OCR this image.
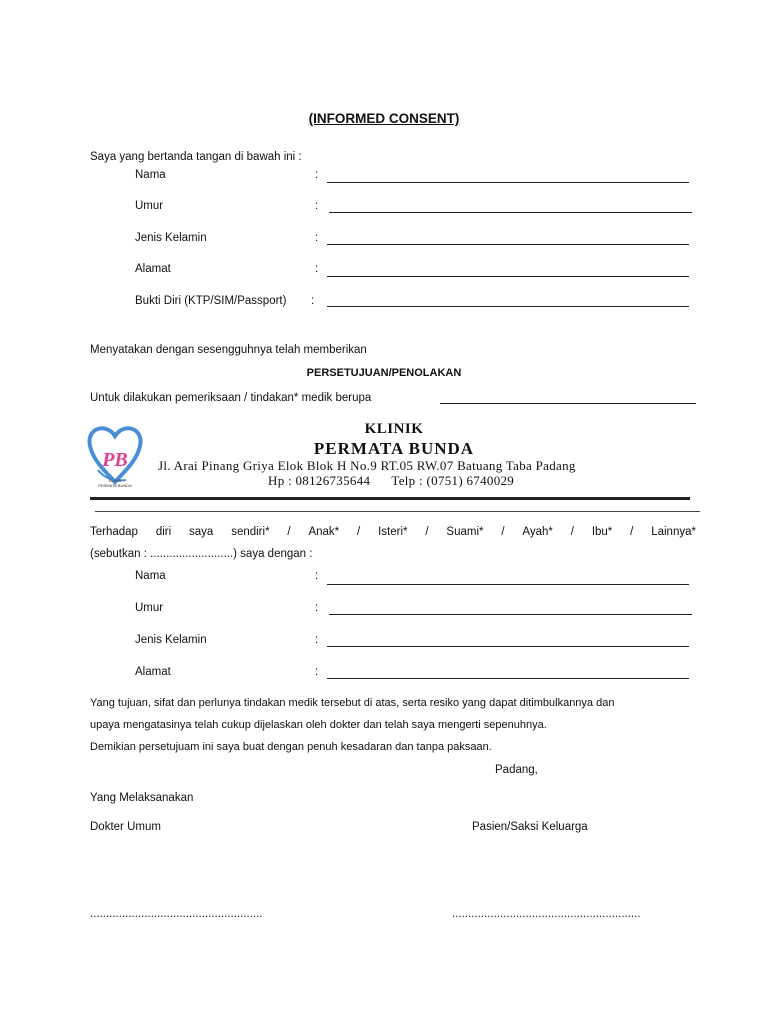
(INFORMED CONSENT)
Saya yang bertanda tangan di bawah ini :
Nama	:
Umur	:
Jenis Kelamin	:
Alamat	:
Bukti Diri (KTP/SIM/Passport) :
Menyatakan dengan sesengguhnya telah memberikan
PERSETUJUAN/PENOLAKAN
Untuk dilakukan pemeriksaan / tindakan* medik berupa
PB
KLINIK
PERMATA BUNDA
KLINIK
PERMATA BUNDA
Jl. Arai Pinang Griya Elok Blok H No.9 RT.05 RW.07 Batuang Taba Padang
Hp : 08126735644      Telp : (0751) 6740029
Terhadap diri saya sendiri* / Anak* / Isteri* / Suami* / Ayah* / Ibu* / Lainnya*
(sebutkan : ..........................) saya dengan :
Nama	:
Umur	:
Jenis Kelamin	:
Alamat	:
Yang tujuan, sifat dan perlunya tindakan medik tersebut di atas, serta resiko yang dapat ditimbulkannya dan
upaya mengatasinya telah cukup dijelaskan oleh dokter dan telah saya mengerti sepenuhnya.
Demikian persetujuam ini saya buat dengan penuh kesadaran dan tanpa paksaan.
Padang,
Yang Melaksanakan
Dokter Umum	Pasien/Saksi Keluarga
......................................................	...........................................................
